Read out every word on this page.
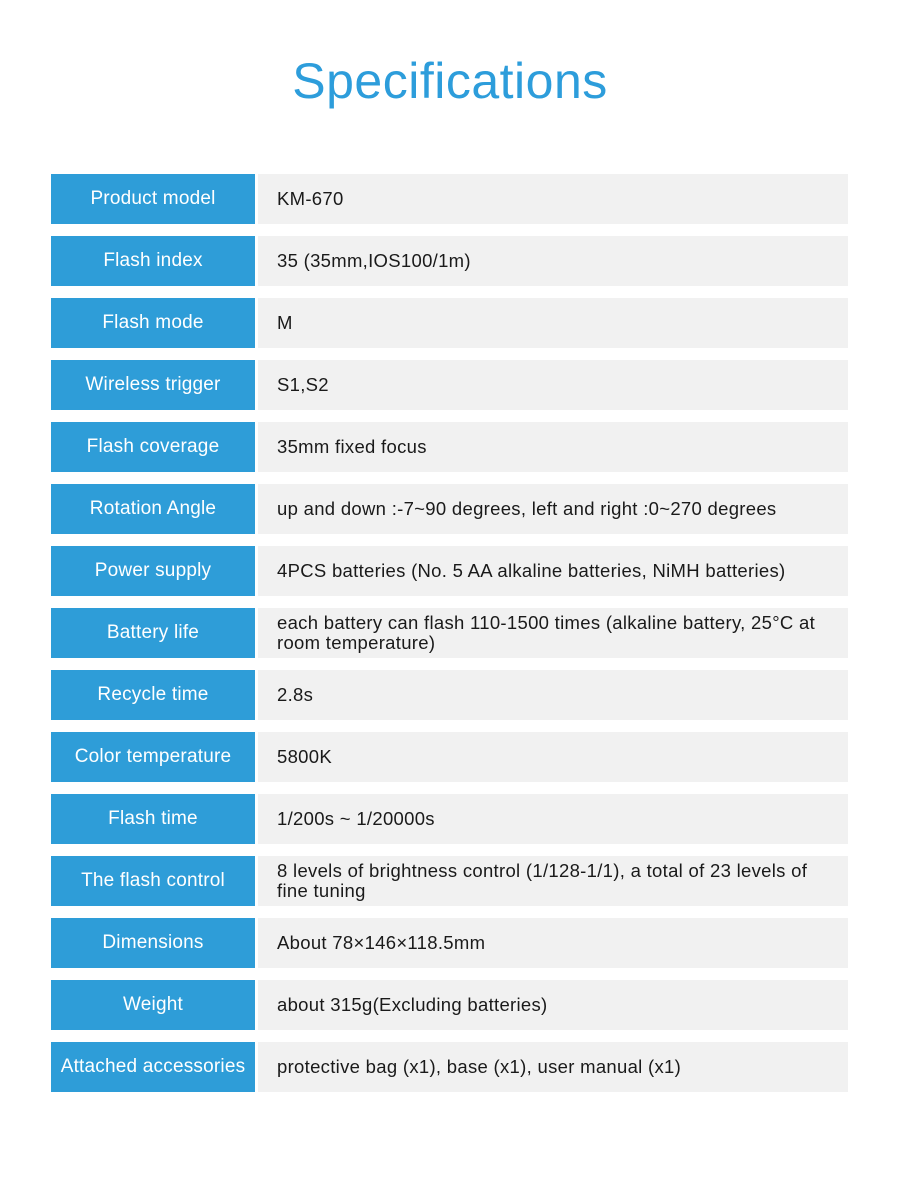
Specifications
Product model	KM-670
Flash index	35 (35mm,IOS100/1m)
Flash mode	M
Wireless trigger	S1,S2
Flash coverage	35mm fixed focus
Rotation Angle	up and down :-7~90 degrees, left and right :0~270 degrees
Power supply	4PCS batteries (No. 5 AA alkaline batteries, NiMH batteries)
Battery life	each battery can flash 110-1500 times (alkaline battery, 25°C at room temperature)
Recycle time	2.8s
Color temperature	5800K
Flash time	1/200s ~ 1/20000s
The flash control	8 levels of brightness control (1/128-1/1), a total of 23 levels of fine tuning
Dimensions	About 78×146×118.5mm
Weight	about 315g(Excluding batteries)
Attached accessories	protective bag (x1), base (x1), user manual (x1)
